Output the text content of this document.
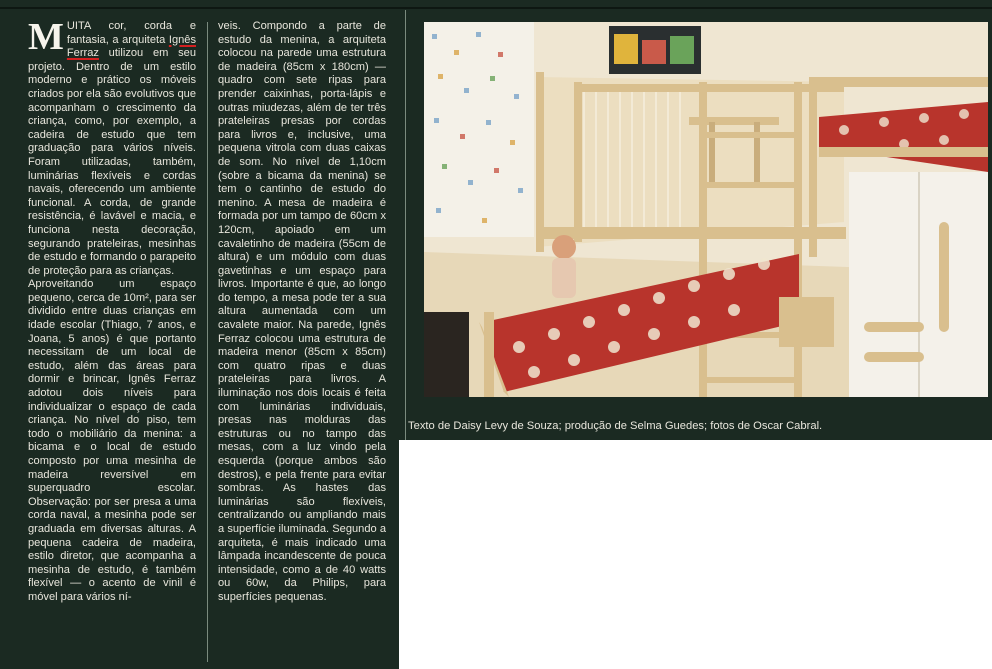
MUITA cor, corda e fantasia, a arquiteta Ignês Ferraz utilizou em seu projeto. Dentro de um estilo moderno e prático os móveis criados por ela são evolutivos que acompanham o crescimento da criança, como, por exemplo, a cadeira de estudo que tem graduação para vários níveis. Foram utilizadas, também, luminárias flexíveis e cordas navais, oferecendo um ambiente funcional. A corda, de grande resistência, é lavável e macia, e funciona nesta decoração, segurando prateleiras, mesinhas de estudo e formando o parapeito de proteção para as crianças.

Aproveitando um espaço pequeno, cerca de 10m², para ser dividido entre duas crianças em idade escolar (Thiago, 7 anos, e Joana, 5 anos) é que portanto necessitam de um local de estudo, além das áreas para dormir e brincar, Ignês Ferraz adotou dois níveis para individualizar o espaço de cada criança. No nível do piso, tem todo o mobiliário da menina: a bicama e o local de estudo composto por uma mesinha de madeira reversível em superquadro escolar. Observação: por ser presa a uma corda naval, a mesinha pode ser graduada em diversas alturas. A pequena cadeira de madeira, estilo diretor, que acompanha a mesinha de estudo, é também flexível — o acento de vinil é móvel para vários ní-

veis. Compondo a parte de estudo da menina, a arquiteta colocou na parede uma estrutura de madeira (85cm x 180cm) — quadro com sete ripas para prender caixinhas, porta-lápis e outras miudezas, além de ter três prateleiras presas por cordas para livros e, inclusive, uma pequena vitrola com duas caixas de som. No nível de 1,10cm (sobre a bicama da menina) se tem o cantinho de estudo do menino. A mesa de madeira é formada por um tampo de 60cm x 120cm, apoiado em um cavaletinho de madeira (55cm de altura) e um módulo com duas gavetinhas e um espaço para livros. Importante é que, ao longo do tempo, a mesa pode ter a sua altura aumentada com um cavalete maior. Na parede, Ignês Ferraz colocou uma estrutura de madeira menor (85cm x 85cm) com quatro ripas e duas prateleiras para livros. A iluminação nos dois locais é feita com luminárias individuais, presas nas molduras das estruturas ou no tampo das mesas, com a luz vindo pela esquerda (porque ambos são destros), e pela frente para evitar sombras. As hastes das luminárias são flexíveis, centralizando ou ampliando mais a superfície iluminada. Segundo a arquiteta, é mais indicado uma lâmpada incandescente de pouca intensidade, como a de 40 watts ou 60w, da Philips, para superfícies pequenas.

Texto de Daisy Levy de Souza; produção de Selma Guedes; fotos de Oscar Cabral.
